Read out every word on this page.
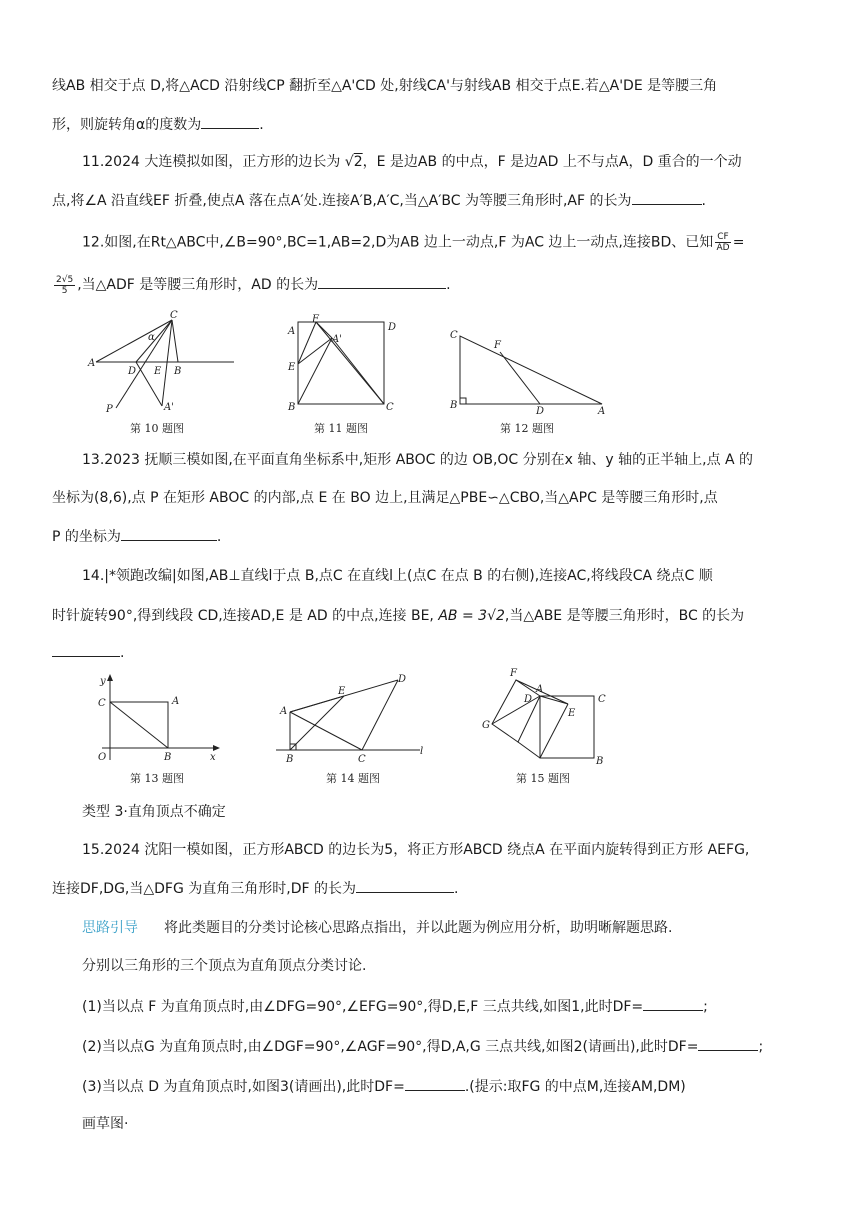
线AB 相交于点 D,将△ACD 沿射线CP 翻折至△A'CD 处,射线CA'与射线AB 相交于点E.若△A'DE 是等腰三角
形，则旋转角α的度数为	.
11.2024 大连模拟如图，正方形的边长为 √2，E 是边AB 的中点，F 是边AD 上不与点A，D 重合的一个动
点,将∠A 沿直线EF 折叠,使点A 落在点A′处.连接A′B,A′C,当△A′BC 为等腰三角形时,AF 的长为	.
12.如图,在Rt△ABC中,∠B=90°,BC=1,AB=2,D为AB 边上一动点,F 为AC 边上一动点,连接BD、已知 $\frac{CF}{AD}$ =
$\frac{2√5}{5}$ ,当△ADF 是等腰三角形时，AD 的长为	.
C
α
A
D E B
P	A'
第 10 题图
A
F
D
A'
E
B	C
第 11 题图
C
F
B
D	A
第 12 题图
13.2023 抚顺三模如图,在平面直角坐标系中,矩形 ABOC 的边 OB,OC 分别在x 轴、y 轴的正半轴上,点 A 的
坐标为(8,6),点 P 在矩形 ABOC 的内部,点 E 在 BO 边上,且满足△PBE∽△CBO,当△APC 是等腰三角形时,点
P 的坐标为	.
14.|*领跑改编|如图,AB⊥直线l于点 B,点C 在直线l上(点C 在点 B 的右侧),连接AC,将线段CA 绕点C 顺
时针旋转90°,得到线段 CD,连接AD,E 是 AD 的中点,连接 BE, AB = 3√2,当△ABE 是等腰三角形时，BC 的长为
.
y
C	A
O	B	x
第 13 题图
E
D
A
B	C
l
第 14 题图
F
D
A
E
C
G
B
第 15 题图
类型 3·直角顶点不确定
15.2024 沈阳一模如图，正方形ABCD 的边长为5，将正方形ABCD 绕点A 在平面内旋转得到正方形 AEFG,
连接DF,DG,当△DFG 为直角三角形时,DF 的长为	.
思路引导 将此类题目的分类讨论核心思路点指出，并以此题为例应用分析，助明晰解题思路.
分别以三角形的三个顶点为直角顶点分类讨论.
(1)当以点 F 为直角顶点时,由∠DFG=90°,∠EFG=90°,得D,E,F 三点共线,如图1,此时DF=	;
(2)当以点G 为直角顶点时,由∠DGF=90°,∠AGF=90°,得D,A,G 三点共线,如图2(请画出),此时DF=	;
(3)当以点 D 为直角顶点时,如图3(请画出),此时DF=	.(提示:取FG 的中点M,连接AM,DM)
画草图·
